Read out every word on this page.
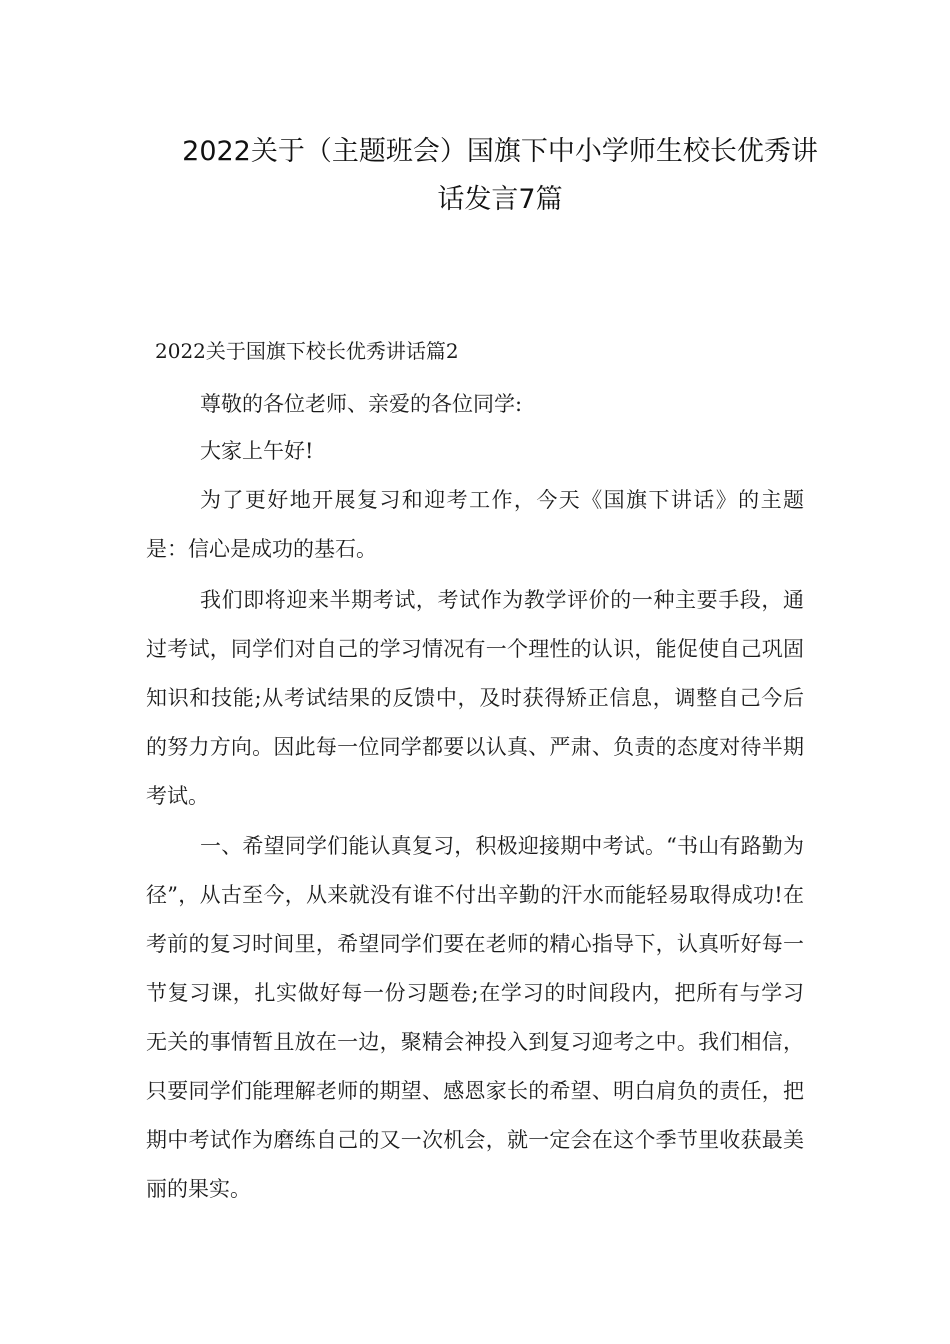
2022关于（主题班会）国旗下中小学师生校长优秀讲
话发言7篇
2022关于国旗下校长优秀讲话篇2

尊敬的各位老师、亲爱的各位同学:

大家上午好!

为了更好地开展复习和迎考工作，今天《国旗下讲话》的主题是：信心是成功的基石。

我们即将迎来半期考试，考试作为教学评价的一种主要手段，通过考试，同学们对自己的学习情况有一个理性的认识，能促使自己巩固知识和技能;从考试结果的反馈中，及时获得矫正信息，调整自己今后的努力方向。因此每一位同学都要以认真、严肃、负责的态度对待半期考试。

一、希望同学们能认真复习，积极迎接期中考试。“书山有路勤为径”，从古至今，从来就没有谁不付出辛勤的汗水而能轻易取得成功!在考前的复习时间里，希望同学们要在老师的精心指导下，认真听好每一节复习课，扎实做好每一份习题卷;在学习的时间段内，把所有与学习无关的事情暂且放在一边，聚精会神投入到复习迎考之中。我们相信，只要同学们能理解老师的期望、感恩家长的希望、明白肩负的责任，把期中考试作为磨练自己的又一次机会，就一定会在这个季节里收获最美丽的果实。
